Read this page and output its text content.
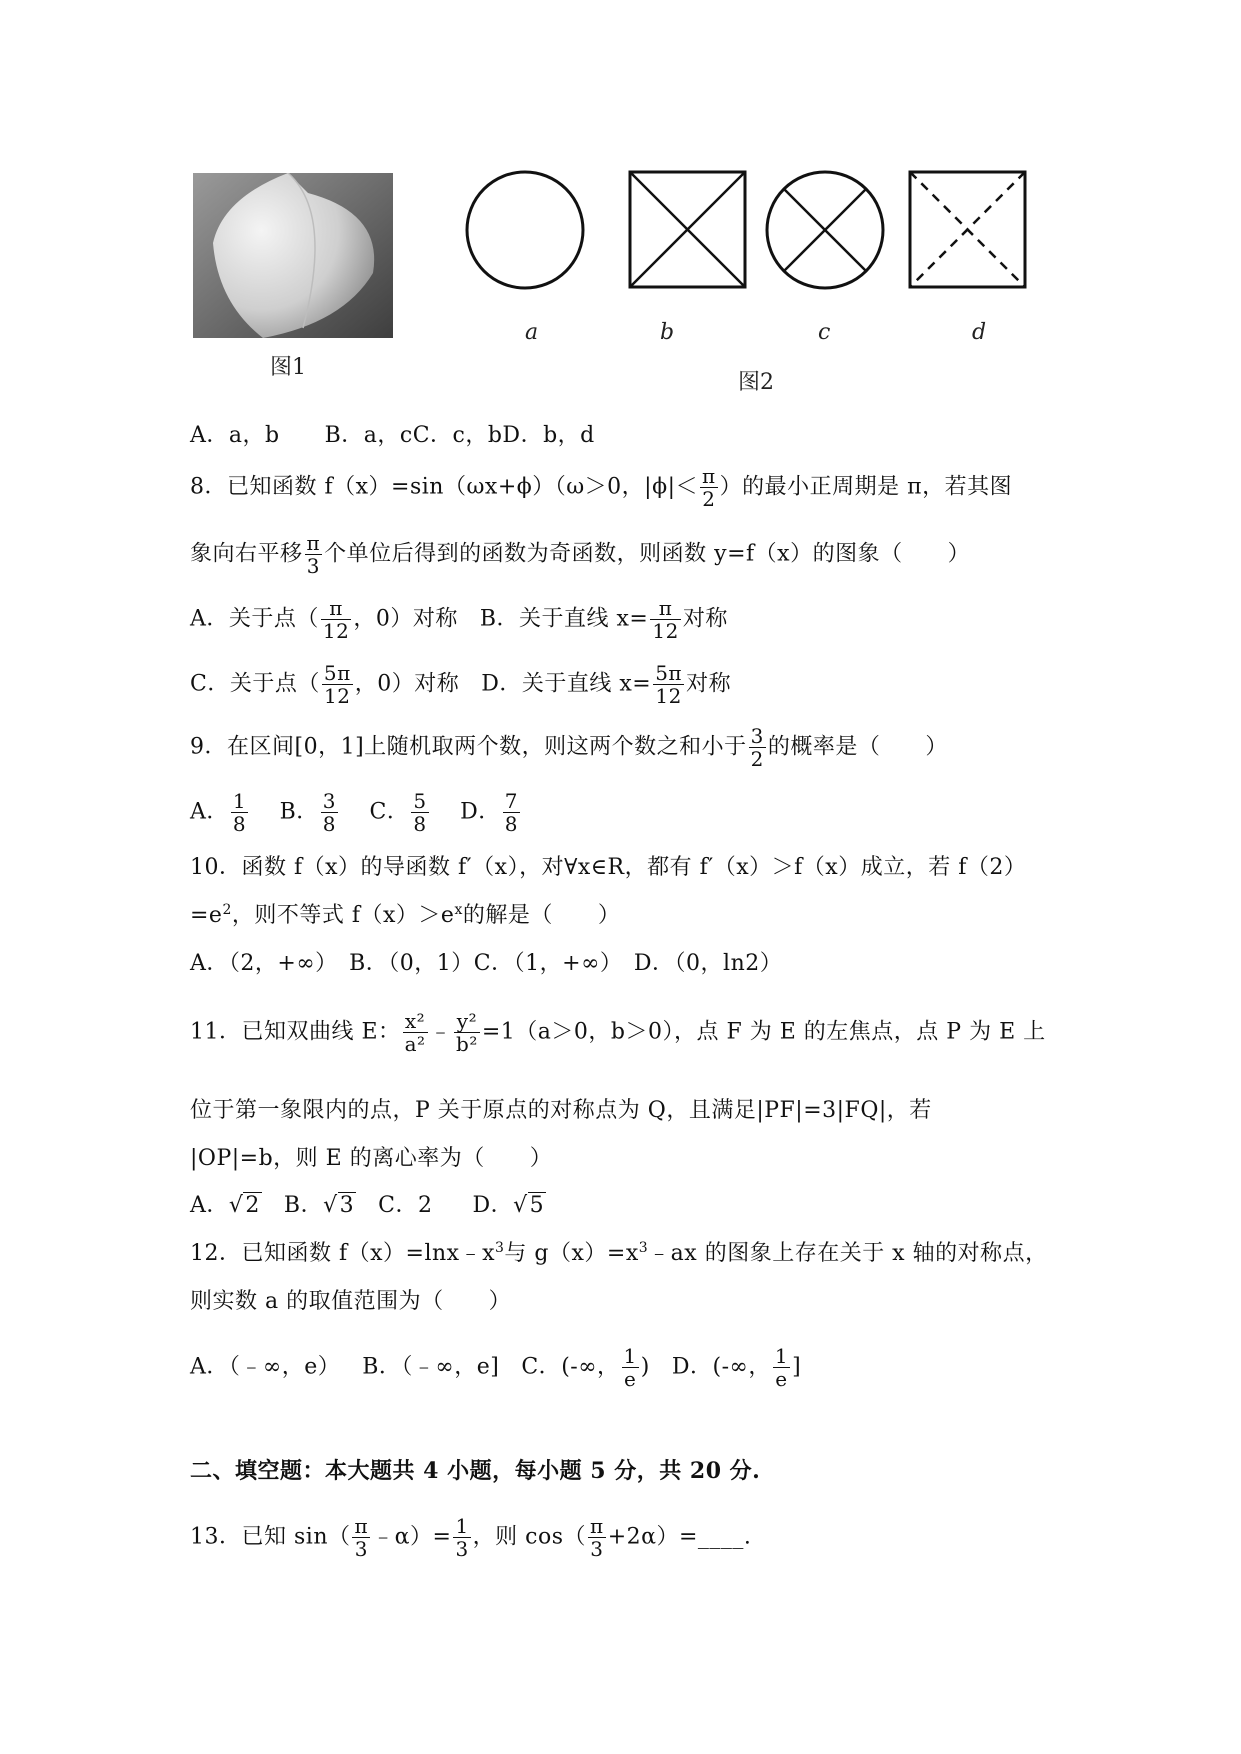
图1
a	b	c	d
图2
A．a，b　　B．a，cC．c，bD．b，d
8．已知函数 f（x）=sin（ωx+ϕ）（ω＞0，$|\phi|< \frac{\pi}{2}$ ）的最小正周期是 π，若其图
象向右平移 $\frac{\pi}{3}$ 个单位后得到的函数为奇函数，则函数 y=f（x）的图象（　　）
A．关于点（ $\frac{\pi}{12}$ ，0）对称 B．关于直线 $x= \frac{\pi}{12}$ 对称
C．关于点（ $\frac{5\pi}{12}$ ，0）对称 D．关于直线 $x= \frac{5\pi}{12}$ 对称
9．在区间[0，1]上随机取两个数，则这两个数之和小于 $\frac{3}{2}$ 的概率是（　　）
A． $\frac{1}{8}$ B． $\frac{3}{8}$ C． $\frac{5}{8}$ D． $\frac{7}{8}$
10．函数 f（x）的导函数 f′（x），对∀x∈R，都有 f′（x）＞f（x）成立，若 f（2）
$=e^2$，则不等式 $f(x)>e^x$的解是（　　）
A．（2，+∞）　B．（0，1）C．（1，+∞）　D．（0，ln2）
11．已知双曲线 E： $\frac{\text{x²}}{\text{a²}}$ ﹣ $\frac{\text{y²}}{\text{b²}} =1(a>0$，b＞0），点 F 为 E 的左焦点，点 P 为 E 上
位于第一象限内的点，P 关于原点的对称点为 Q，且满足|PF|=3|FQ|，若
|OP|=b，则 E 的离心率为（　　）
A．√2 B．√3 C．2 D．√5
12．已知函数 $f(x)=\ln x﹣x^3$与 $g(x)=x^3﹣ax$ 的图象上存在关于 x 轴的对称点，
则实数 a 的取值范围为（　　）
A．（﹣∞，e） B．（﹣∞，e] C．(-∞， $\frac{1}{e}$ ) D．(-∞， $\frac{1}{e}$ ]
二、填空题：本大题共 4 小题，每小题 5 分，共 20 分.
13．已知 $\sin( \frac{\pi}{3}$ ﹣α）= $\frac{1}{3}$ ，则 $\cos( \frac{\pi}{3}$ +2α）=____.
